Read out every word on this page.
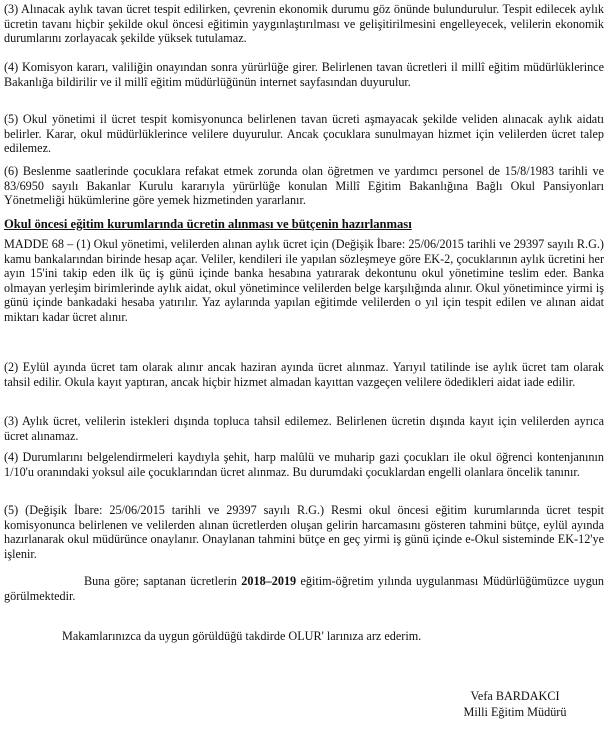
(3) Alınacak aylık tavan ücret tespit edilirken, çevrenin ekonomik durumu göz önünde bulundurulur. Tespit edilecek aylık ücretin tavanı hiçbir şekilde okul öncesi eğitimin yaygınlaştırılması ve gelişitirilmesini engelleyecek, velilerin ekonomik durumlarını zorlayacak şekilde yüksek tutulamaz.

(4) Komisyon kararı, valiliğin onayından sonra yürürlüğe girer. Belirlenen tavan ücretleri il millî eğitim müdürlüklerince Bakanlığa bildirilir ve il millî eğitim müdürlüğünün internet sayfasından duyurulur.

(5) Okul yönetimi il ücret tespit komisyonunca belirlenen tavan ücreti aşmayacak şekilde veliden alınacak aylık aidatı belirler. Karar, okul müdürlüklerince velilere duyurulur. Ancak çocuklara sunulmayan hizmet için velilerden ücret talep edilemez.

(6) Beslenme saatlerinde çocuklara refakat etmek zorunda olan öğretmen ve yardımcı personel de 15/8/1983 tarihli ve 83/6950 sayılı Bakanlar Kurulu kararıyla yürürlüğe konulan Millî Eğitim Bakanlığına Bağlı Okul Pansiyonları Yönetmeliği hükümlerine göre yemek hizmetinden yararlanır.

Okul öncesi eğitim kurumlarında ücretin alınması ve bütçenin hazırlanması

MADDE 68 – (1) Okul yönetimi, velilerden alınan aylık ücret için (Değişik İbare: 25/06/2015 tarihli ve 29397 sayılı R.G.) kamu bankalarından birinde hesap açar. Veliler, kendileri ile yapılan sözleşmeye göre EK-2, çocuklarının aylık ücretini her ayın 15'ini takip eden ilk üç iş günü içinde banka hesabına yatırarak dekontunu okul yönetimine teslim eder. Banka olmayan yerleşim birimlerinde aylık aidat, okul yönetimince velilerden belge karşılığında alınır. Okul yönetimince yirmi iş günü içinde bankadaki hesaba yatırılır. Yaz aylarında yapılan eğitimde velilerden o yıl için tespit edilen ve alınan aidat miktarı kadar ücret alınır.

(2) Eylül ayında ücret tam olarak alınır ancak haziran ayında ücret alınmaz. Yarıyıl tatilinde ise aylık ücret tam olarak tahsil edilir. Okula kayıt yaptıran, ancak hiçbir hizmet almadan kayıttan vazgeçen velilere ödedikleri aidat iade edilir.

(3) Aylık ücret, velilerin istekleri dışında topluca tahsil edilemez. Belirlenen ücretin dışında kayıt için velilerden ayrıca ücret alınamaz.

(4) Durumlarını belgelendirmeleri kaydıyla şehit, harp malûlü ve muharip gazi çocukları ile okul öğrenci kontenjanının 1/10'u oranındaki yoksul aile çocuklarından ücret alınmaz. Bu durumdaki çocuklardan engelli olanlara öncelik tanınır.

(5) (Değişik İbare: 25/06/2015 tarihli ve 29397 sayılı R.G.) Resmi okul öncesi eğitim kurumlarında ücret tespit komisyonunca belirlenen ve velilerden alınan ücretlerden oluşan gelirin harcamasını gösteren tahmini bütçe, eylül ayında hazırlanarak okul müdürünce onaylanır. Onaylanan tahmini bütçe en geç yirmi iş günü içinde e-Okul sisteminde EK-12'ye işlenir.

Buna göre; saptanan ücretlerin 2018–2019 eğitim-öğretim yılında uygulanması Müdürlüğümüzce uygun görülmektedir.

Makamlarınızca da uygun görüldüğü takdirde OLUR' larınıza arz ederim.

Vefa BARDAKCI
Milli Eğitim Müdürü
